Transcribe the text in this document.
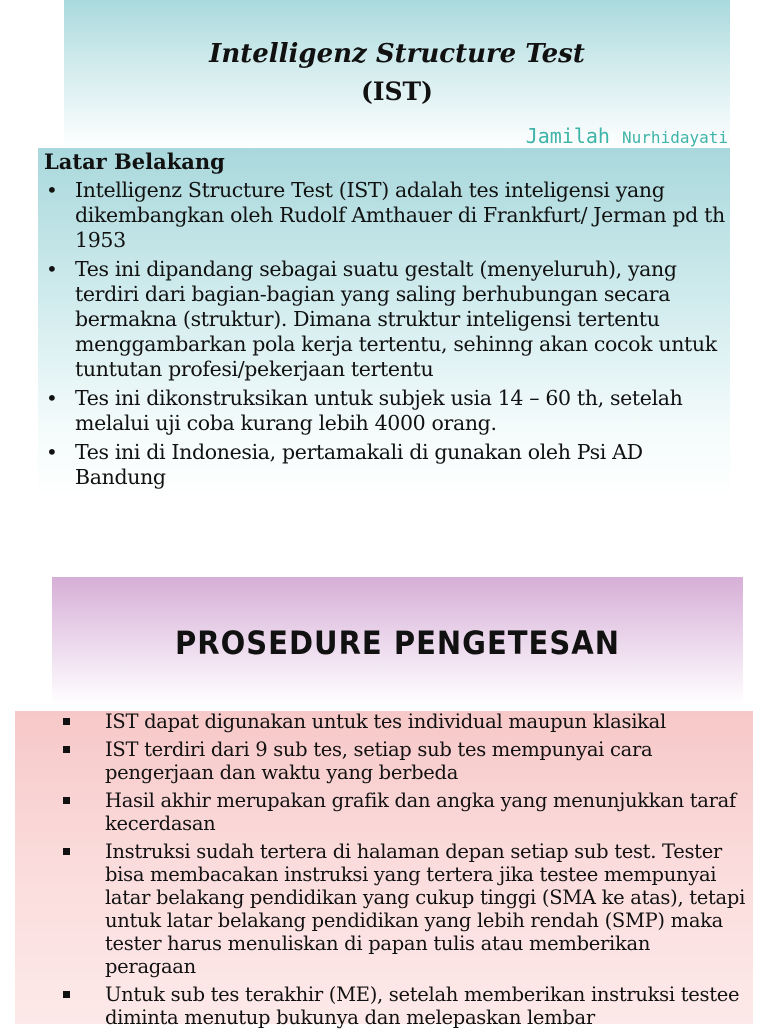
Intelligenz Structure Test
(IST)
Jamilah Nurhidayati
Latar Belakang
• Intelligenz Structure Test (IST) adalah tes inteligensi yang dikembangkan oleh Rudolf Amthauer di Frankfurt/ Jerman pd th 1953
• Tes ini dipandang sebagai suatu gestalt (menyeluruh), yang terdiri dari bagian-bagian yang saling berhubungan secara bermakna (struktur). Dimana struktur inteligensi tertentu menggambarkan pola kerja tertentu, sehinng akan cocok untuk tuntutan profesi/pekerjaan tertentu
• Tes ini dikonstruksikan untuk subjek usia 14 – 60 th, setelah melalui uji coba kurang lebih 4000 orang.
• Tes ini di Indonesia, pertamakali di gunakan oleh Psi AD Bandung
PROSEDURE PENGETESAN
IST dapat digunakan untuk tes individual maupun klasikal
IST terdiri dari 9 sub tes, setiap sub tes mempunyai cara pengerjaan dan waktu yang berbeda
Hasil akhir merupakan grafik dan angka yang menunjukkan taraf kecerdasan
Instruksi sudah tertera di halaman depan setiap sub test. Tester bisa membacakan instruksi yang tertera jika testee mempunyai latar belakang pendidikan yang cukup tinggi (SMA ke atas), tetapi untuk latar belakang pendidikan yang lebih rendah (SMP) maka tester harus menuliskan di papan tulis atau memberikan peragaan
Untuk sub tes terakhir (ME), setelah memberikan instruksi testee diminta menutup bukunya dan melepaskan lembar
